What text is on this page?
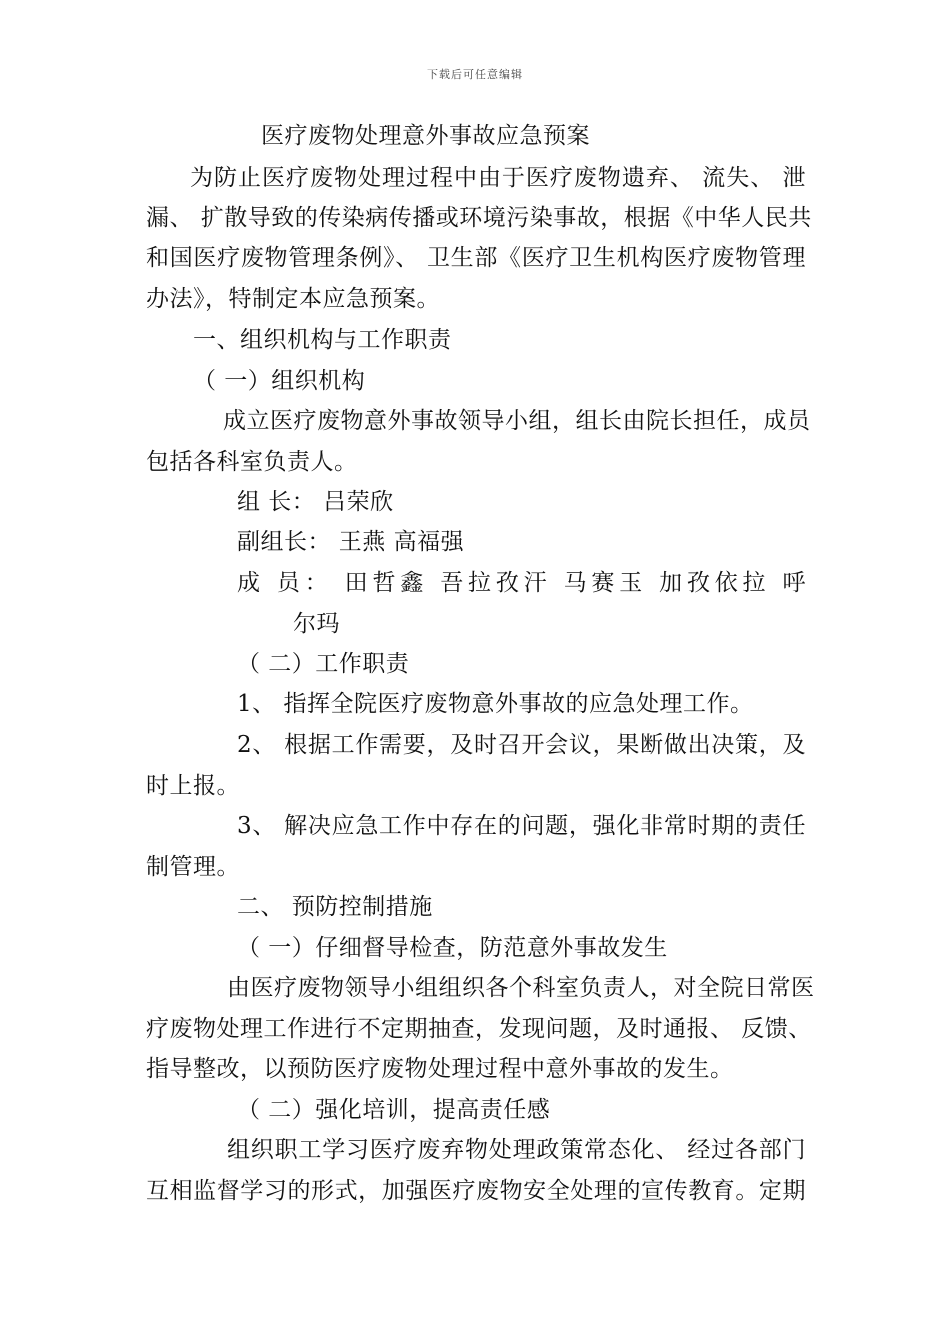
下载后可任意编辑
医疗废物处理意外事故应急预案
为防止医疗废物处理过程中由于医疗废物遗弃、 流失、 泄
漏、 扩散导致的传染病传播或环境污染事故，根据《中华人民共
和国医疗废物管理条例》、 卫生部《医疗卫生机构医疗废物管理
办法》，特制定本应急预案。
一、组织机构与工作职责
（ 一）组织机构
成立医疗废物意外事故领导小组，组长由院长担任，成员
包括各科室负责人。
组 长： 吕荣欣
副组长： 王燕 高福强
成 员： 田哲鑫 吾拉孜汗 马赛玉 加孜依拉 呼
尔玛
（ 二）工作职责
1、 指挥全院医疗废物意外事故的应急处理工作。
2、 根据工作需要，及时召开会议，果断做出决策，及
时上报。
3、 解决应急工作中存在的问题，强化非常时期的责任
制管理。
二、 预防控制措施
（ 一）仔细督导检查，防范意外事故发生
由医疗废物领导小组组织各个科室负责人，对全院日常医
疗废物处理工作进行不定期抽查，发现问题，及时通报、 反馈、
指导整改，以预防医疗废物处理过程中意外事故的发生。
（ 二）强化培训，提高责任感
组织职工学习医疗废弃物处理政策常态化、 经过各部门
互相监督学习的形式，加强医疗废物安全处理的宣传教育。定期
